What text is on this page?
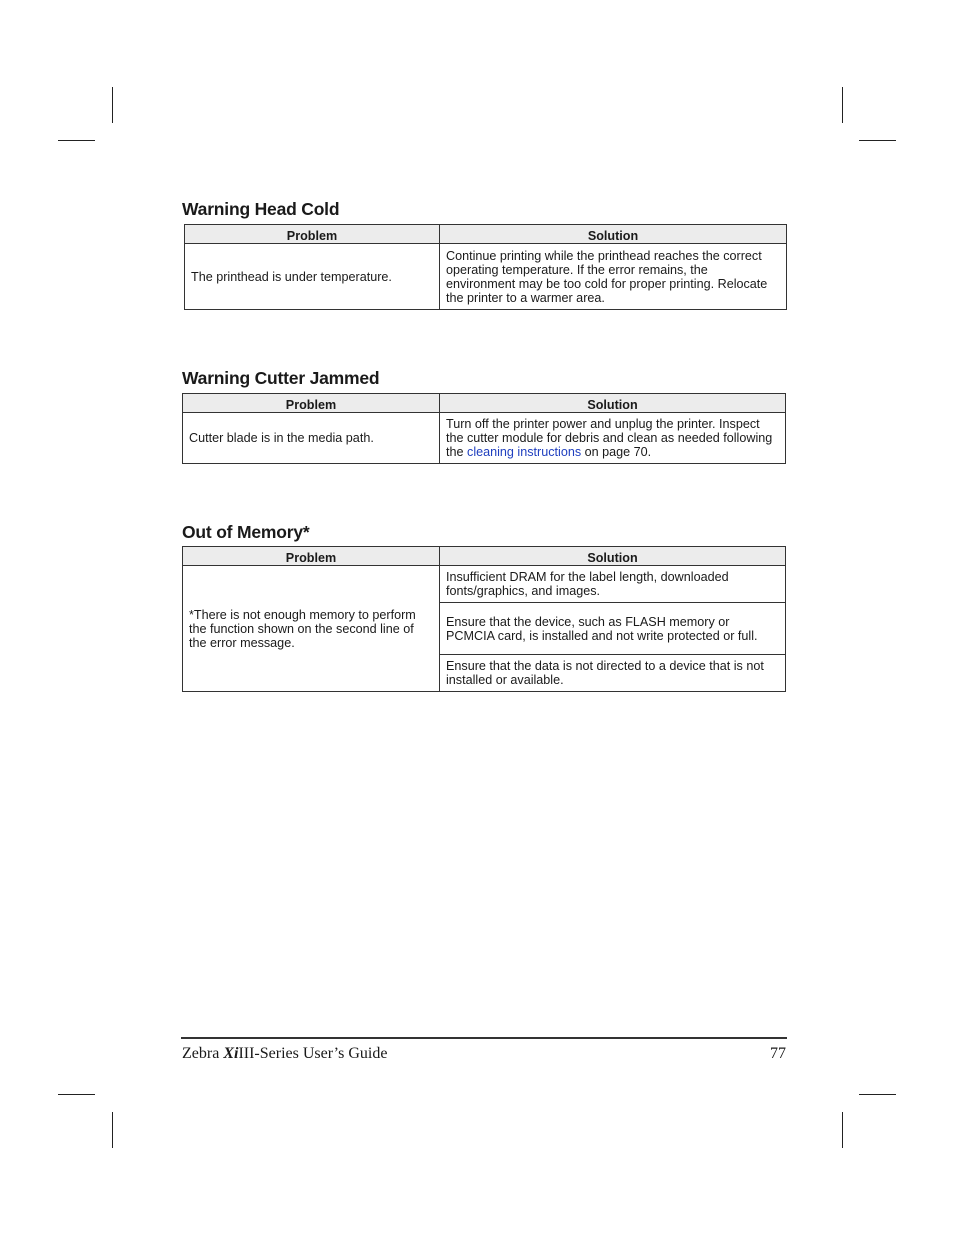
Warning Head Cold
Problem	Solution
The printhead is under temperature.	Continue printing while the printhead reaches the correct operating temperature. If the error remains, the environment may be too cold for proper printing. Relocate the printer to a warmer area.
Warning Cutter Jammed
Problem	Solution
Cutter blade is in the media path.	Turn off the printer power and unplug the printer. Inspect the cutter module for debris and clean as needed following the cleaning instructions on page 70.
Out of Memory*
Problem	Solution
*There is not enough memory to perform the function shown on the second line of the error message.	Insufficient DRAM for the label length, downloaded fonts/graphics, and images.
	Ensure that the device, such as FLASH memory or PCMCIA card, is installed and not write protected or full.
	Ensure that the data is not directed to a device that is not installed or available.
Zebra XiIII-Series User’s Guide	77
